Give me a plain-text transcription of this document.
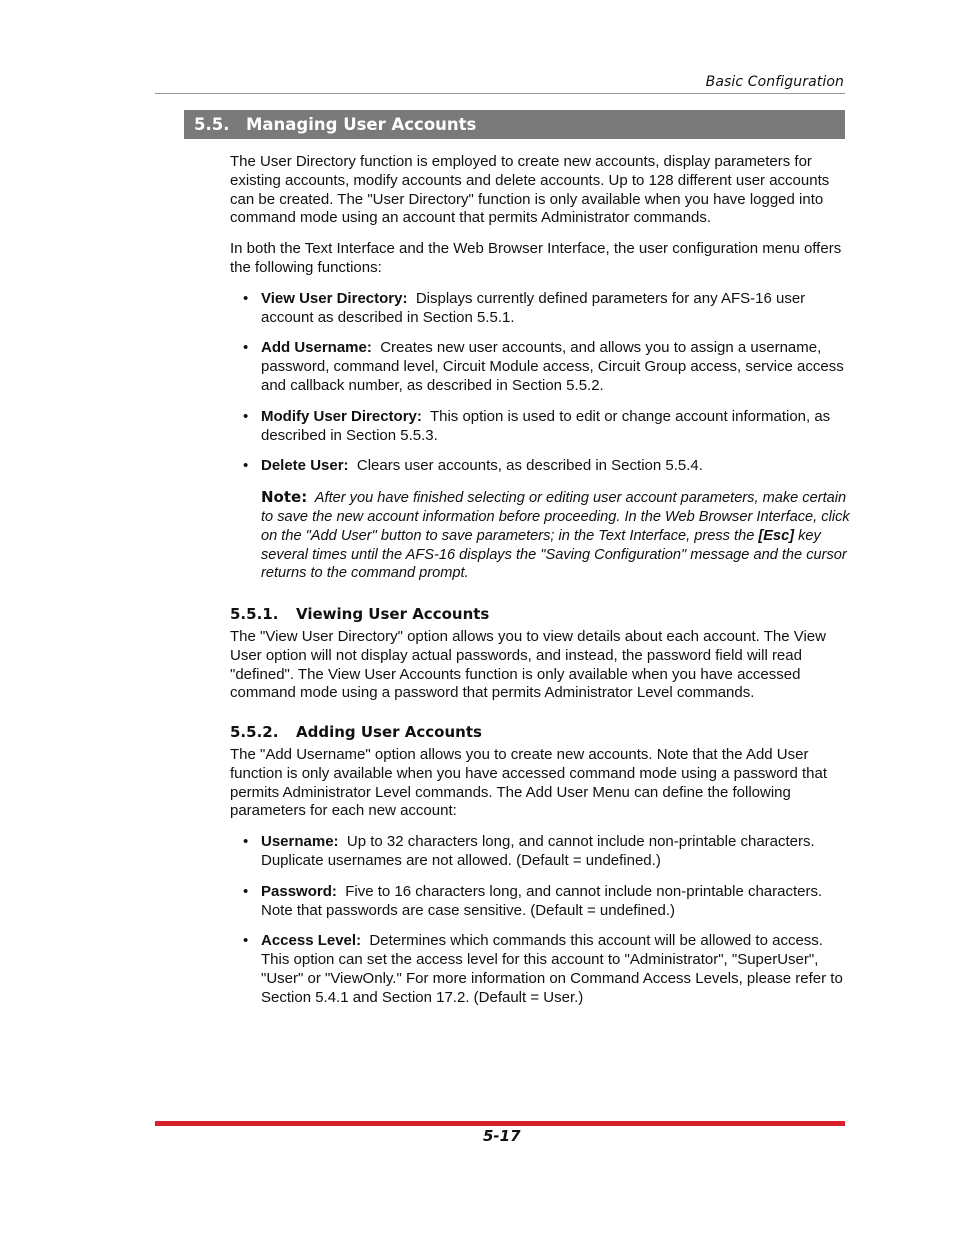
Basic Configuration
5.5. Managing User Accounts

The User Directory function is employed to create new accounts, display parameters for existing accounts, modify accounts and delete accounts. Up to 128 different user accounts can be created. The "User Directory" function is only available when you have logged into command mode using an account that permits Administrator commands.

In both the Text Interface and the Web Browser Interface, the user configuration menu offers the following functions:

• View User Directory: Displays currently defined parameters for any AFS-16 user account as described in Section 5.5.1.
• Add Username: Creates new user accounts, and allows you to assign a username, password, command level, Circuit Module access, Circuit Group access, service access and callback number, as described in Section 5.5.2.
• Modify User Directory: This option is used to edit or change account information, as described in Section 5.5.3.
• Delete User: Clears user accounts, as described in Section 5.5.4.

Note: After you have finished selecting or editing user account parameters, make certain to save the new account information before proceeding. In the Web Browser Interface, click on the "Add User" button to save parameters; in the Text Interface, press the [Esc] key several times until the AFS-16 displays the "Saving Configuration" message and the cursor returns to the command prompt.

5.5.1. Viewing User Accounts

The "View User Directory" option allows you to view details about each account. The View User option will not display actual passwords, and instead, the password field will read "defined". The View User Accounts function is only available when you have accessed command mode using a password that permits Administrator Level commands.

5.5.2. Adding User Accounts

The "Add Username" option allows you to create new accounts. Note that the Add User function is only available when you have accessed command mode using a password that permits Administrator Level commands. The Add User Menu can define the following parameters for each new account:

• Username: Up to 32 characters long, and cannot include non-printable characters. Duplicate usernames are not allowed. (Default = undefined.)
• Password: Five to 16 characters long, and cannot include non-printable characters. Note that passwords are case sensitive. (Default = undefined.)
• Access Level: Determines which commands this account will be allowed to access. This option can set the access level for this account to "Administrator", "SuperUser", "User" or "ViewOnly." For more information on Command Access Levels, please refer to Section 5.4.1 and Section 17.2. (Default = User.)
5-17
